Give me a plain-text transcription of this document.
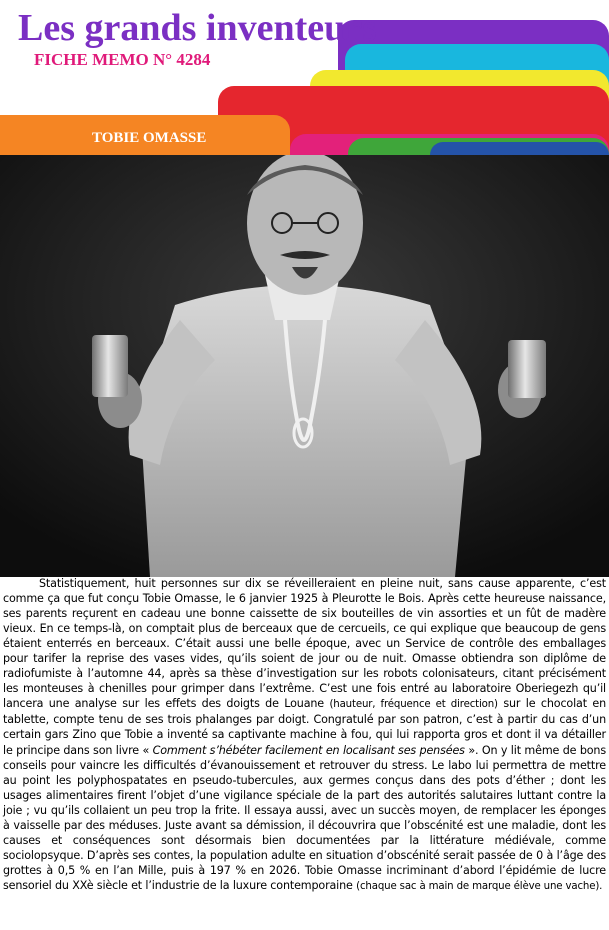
Les grands inventeurs
FICHE MEMO N° 4284
TOBIE OMASSE

Statistiquement, huit personnes sur dix se réveilleraient en pleine nuit, sans cause apparente, c’est comme ça que fut conçu Tobie Omasse, le 6 janvier 1925 à Pleurotte le Bois. Après cette heureuse naissance, ses parents reçurent en cadeau une bonne caissette de six bouteilles de vin assorties et un fût de madère vieux. En ce temps-là, on comptait plus de berceaux que de cercueils, ce qui explique que beaucoup de gens étaient enterrés en berceaux. C’était aussi une belle époque, avec un Service de contrôle des emballages pour tarifer la reprise des vases vides, qu’ils soient de jour ou de nuit. Omasse obtiendra son diplôme de radiofumiste à l’automne 44, après sa thèse d’investigation sur les robots colonisateurs, citant précisément les monteuses à chenilles pour grimper dans l’extrême. C’est une fois entré au laboratoire Oberiegezh qu’il lancera une analyse sur les effets des doigts de Louane (hauteur, fréquence et direction) sur le chocolat en tablette, compte tenu de ses trois phalanges par doigt. Congratulé par son patron, c’est à partir du cas d’un certain gars Zino que Tobie a inventé sa captivante machine à fou, qui lui rapporta gros et dont il va détailler le principe dans son livre « Comment s’hébéter facilement en localisant ses pensées ». On y lit même de bons conseils pour vaincre les difficultés d’évanouissement et retrouver du stress. Le labo lui permettra de mettre au point les polyphospatates en pseudo-tubercules, aux germes conçus dans des pots d’éther ; dont les usages alimentaires firent l’objet d’une vigilance spéciale de la part des autorités salutaires luttant contre la joie ; vu qu’ils collaient un peu trop la frite. Il essaya aussi, avec un succès moyen, de remplacer les éponges à vaisselle par des méduses. Juste avant sa démission, il découvrira que l’obscénité est une maladie, dont les causes et conséquences sont désormais bien documentées par la littérature médiévale, comme sociolopsyque. D’après ses contes, la population adulte en situation d’obscénité serait passée de 0 à l’âge des grottes à 0,5 % en l’an Mille, puis à 197 % en 2026. Tobie Omasse incriminant d’abord l’épidémie de lucre sensoriel du XXè siècle et l’industrie de la luxure contemporaine (chaque sac à main de marque élève une vache).
